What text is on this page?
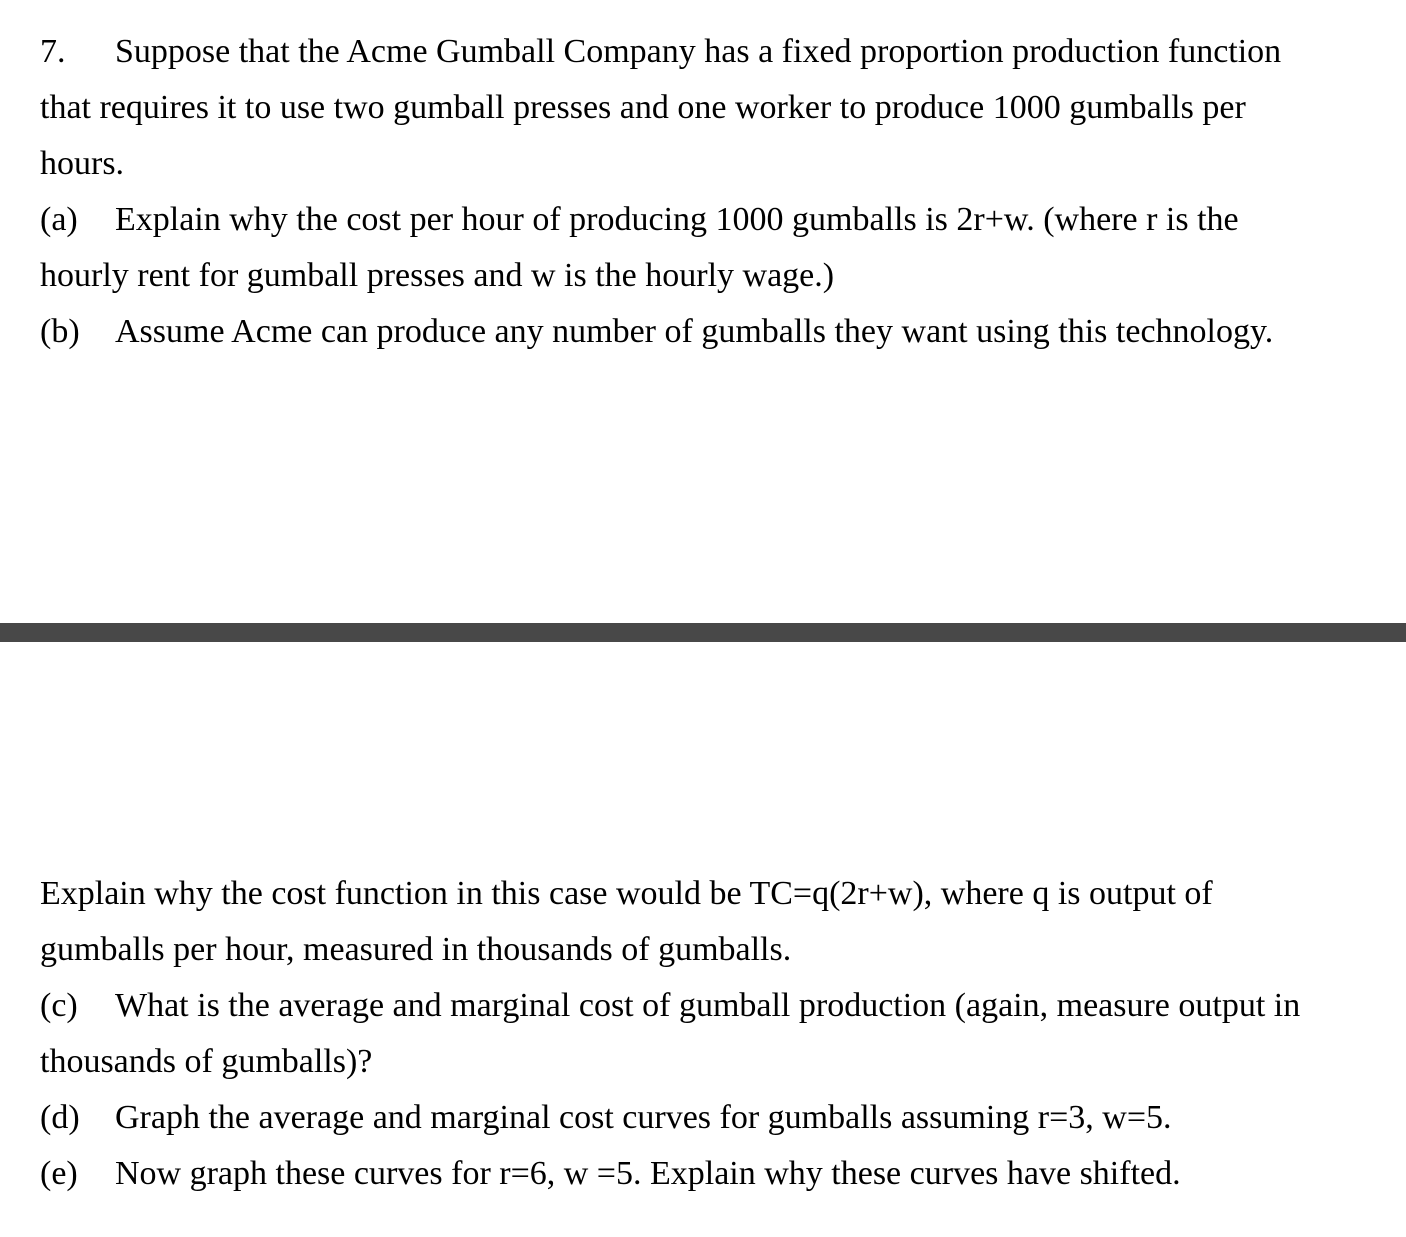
7. Suppose that the Acme Gumball Company has a fixed proportion production function
that requires it to use two gumball presses and one worker to produce 1000 gumballs per
hours.
(a) Explain why the cost per hour of producing 1000 gumballs is 2r+w. (where r is the
hourly rent for gumball presses and w is the hourly wage.)
(b) Assume Acme can produce any number of gumballs they want using this technology.
Explain why the cost function in this case would be TC=q(2r+w), where q is output of
gumballs per hour, measured in thousands of gumballs.
(c) What is the average and marginal cost of gumball production (again, measure output in
thousands of gumballs)?
(d) Graph the average and marginal cost curves for gumballs assuming r=3, w=5.
(e) Now graph these curves for r=6, w =5. Explain why these curves have shifted.
